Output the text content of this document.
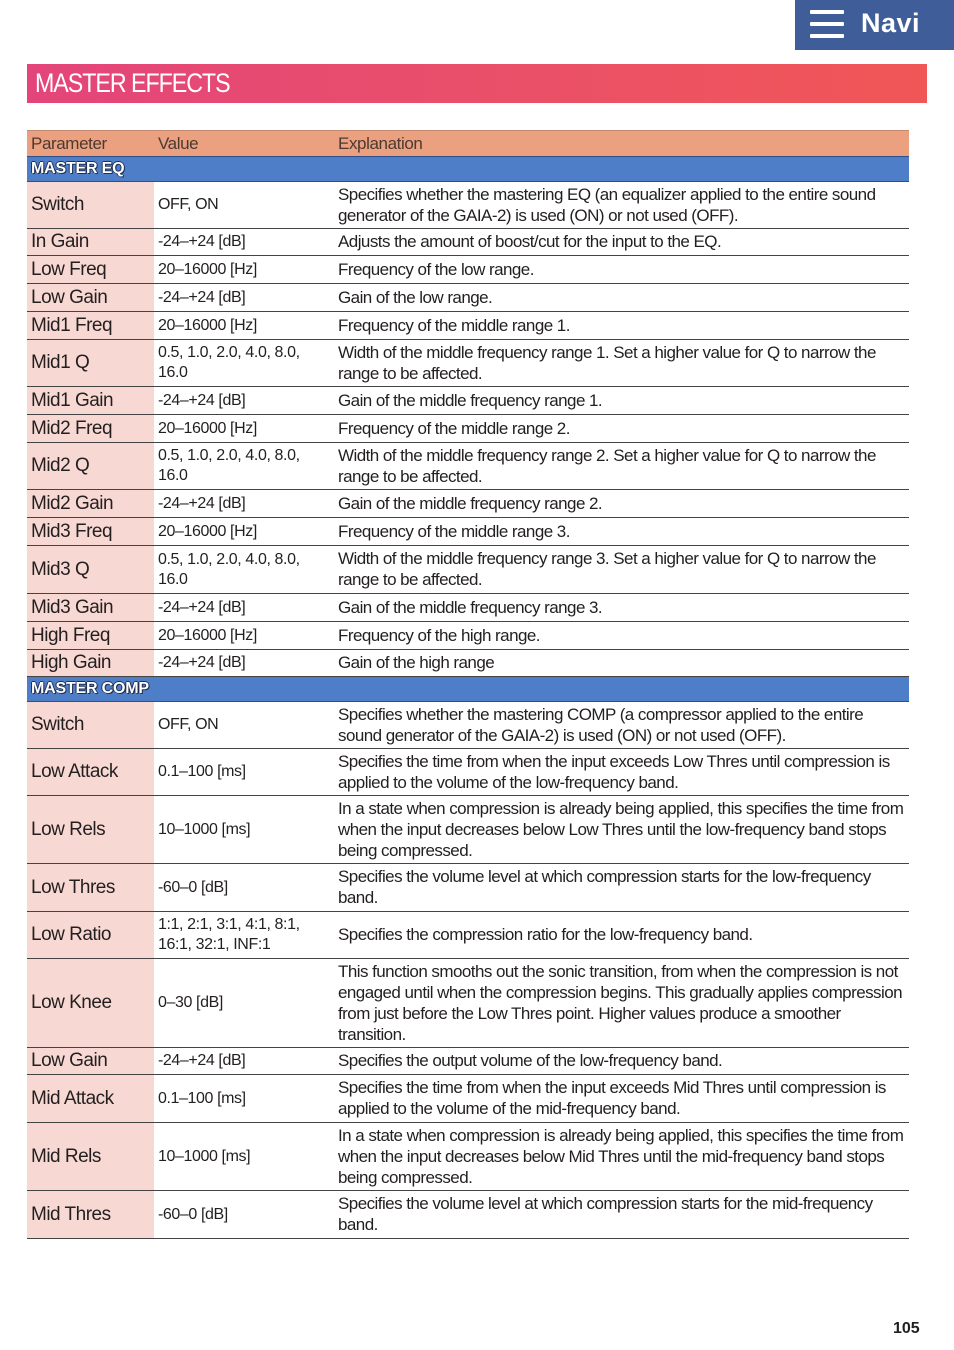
Navi
MASTER EFFECTS
Parameter	Value	Explanation
MASTER EQ		
Switch	OFF, ON	Specifies whether the mastering EQ (an equalizer applied to the entire sound generator of the GAIA-2) is used (ON) or not used (OFF).
In Gain	-24–+24 [dB]	Adjusts the amount of boost/cut for the input to the EQ.
Low Freq	20–16000 [Hz]	Frequency of the low range.
Low Gain	-24–+24 [dB]	Gain of the low range.
Mid1 Freq	20–16000 [Hz]	Frequency of the middle range 1.
Mid1 Q	0.5, 1.0, 2.0, 4.0, 8.0, 16.0	Width of the middle frequency range 1. Set a higher value for Q to narrow the range to be affected.
Mid1 Gain	-24–+24 [dB]	Gain of the middle frequency range 1.
Mid2 Freq	20–16000 [Hz]	Frequency of the middle range 2.
Mid2 Q	0.5, 1.0, 2.0, 4.0, 8.0, 16.0	Width of the middle frequency range 2. Set a higher value for Q to narrow the range to be affected.
Mid2 Gain	-24–+24 [dB]	Gain of the middle frequency range 2.
Mid3 Freq	20–16000 [Hz]	Frequency of the middle range 3.
Mid3 Q	0.5, 1.0, 2.0, 4.0, 8.0, 16.0	Width of the middle frequency range 3. Set a higher value for Q to narrow the range to be affected.
Mid3 Gain	-24–+24 [dB]	Gain of the middle frequency range 3.
High Freq	20–16000 [Hz]	Frequency of the high range.
High Gain	-24–+24 [dB]	Gain of the high range
MASTER COMP		
Switch	OFF, ON	Specifies whether the mastering COMP (a compressor applied to the entire sound generator of the GAIA-2) is used (ON) or not used (OFF).
Low Attack	0.1–100 [ms]	Specifies the time from when the input exceeds Low Thres until compression is applied to the volume of the low-frequency band.
Low Rels	10–1000 [ms]	In a state when compression is already being applied, this specifies the time from when the input decreases below Low Thres until the low-frequency band stops being compressed.
Low Thres	-60–0 [dB]	Specifies the volume level at which compression starts for the low-frequency band.
Low Ratio	1:1, 2:1, 3:1, 4:1, 8:1, 16:1, 32:1, INF:1	Specifies the compression ratio for the low-frequency band.
Low Knee	0–30 [dB]	This function smooths out the sonic transition, from when the compression is not engaged until when the compression begins. This gradually applies compression from just before the Low Thres point. Higher values produce a smoother transition.
Low Gain	-24–+24 [dB]	Specifies the output volume of the low-frequency band.
Mid Attack	0.1–100 [ms]	Specifies the time from when the input exceeds Mid Thres until compression is applied to the volume of the mid-frequency band.
Mid Rels	10–1000 [ms]	In a state when compression is already being applied, this specifies the time from when the input decreases below Mid Thres until the mid-frequency band stops being compressed.
Mid Thres	-60–0 [dB]	Specifies the volume level at which compression starts for the mid-frequency band.
105
